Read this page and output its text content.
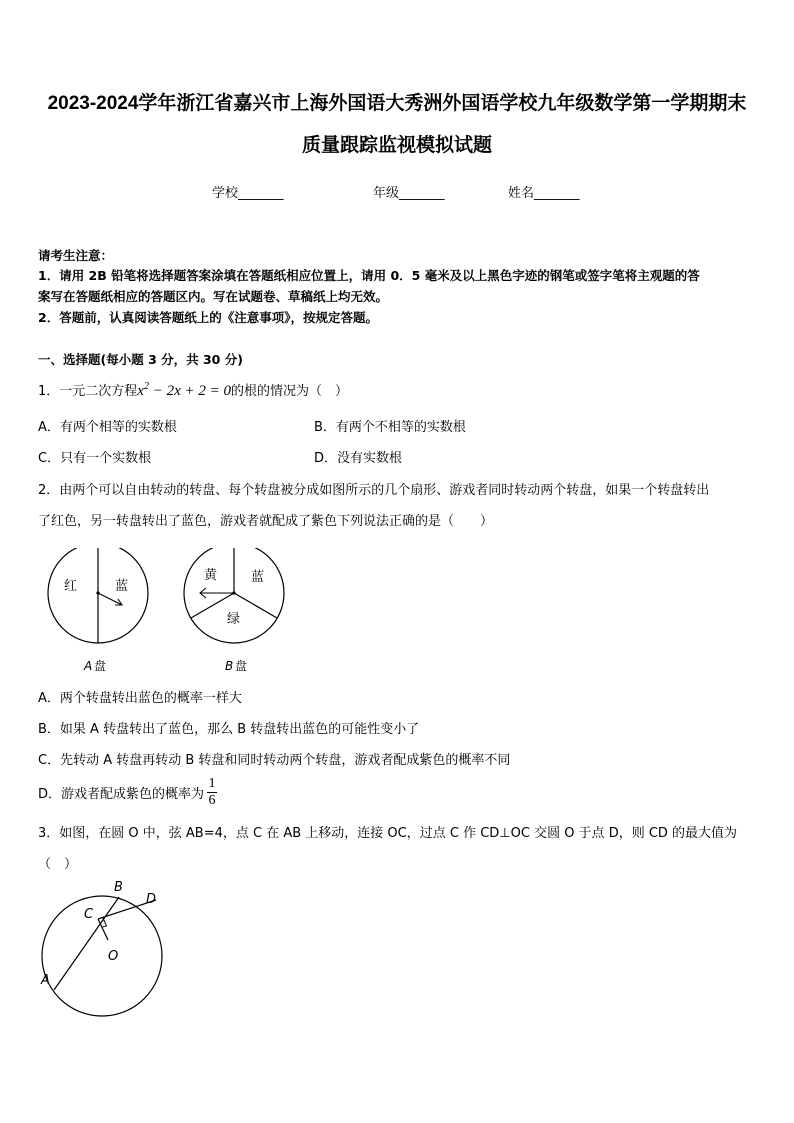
2023-2024学年浙江省嘉兴市上海外国语大秀洲外国语学校九年级数学第一学期期末
质量跟踪监视模拟试题
学校_______	年级_______	姓名_______
请考生注意：
1．请用 2B 铅笔将选择题答案涂填在答题纸相应位置上，请用 0．5 毫米及以上黑色字迹的钢笔或签字笔将主观题的答
案写在答题纸相应的答题区内。写在试题卷、草稿纸上均无效。
2．答题前，认真阅读答题纸上的《注意事项》，按规定答题。
一、选择题(每小题 3 分，共 30 分)
1．一元二次方程$x^2 - 2x + 2 = 0$的根的情况为（　）
A．有两个相等的实数根	B．有两个不相等的实数根
C．只有一个实数根	D．没有实数根
2．由两个可以自由转动的转盘、每个转盘被分成如图所示的几个扇形、游戏者同时转动两个转盘，如果一个转盘转出
了红色，另一转盘转出了蓝色，游戏者就配成了紫色下列说法正确的是（　　）
红	蓝
A 盘
黄	蓝
绿
B 盘
A．两个转盘转出蓝色的概率一样大
B．如果 A 转盘转出了蓝色，那么 B 转盘转出蓝色的可能性变小了
C．先转动 A 转盘再转动 B 转盘和同时转动两个转盘，游戏者配成紫色的概率不同
D．游戏者配成紫色的概率为 $\frac{1}{6}$
3．如图，在圆 O 中，弦 AB=4，点 C 在 AB 上移动，连接 OC，过点 C 作 CD⊥OC 交圆 O 于点 D，则 CD 的最大值为
（　）
A
B
C
D
O
